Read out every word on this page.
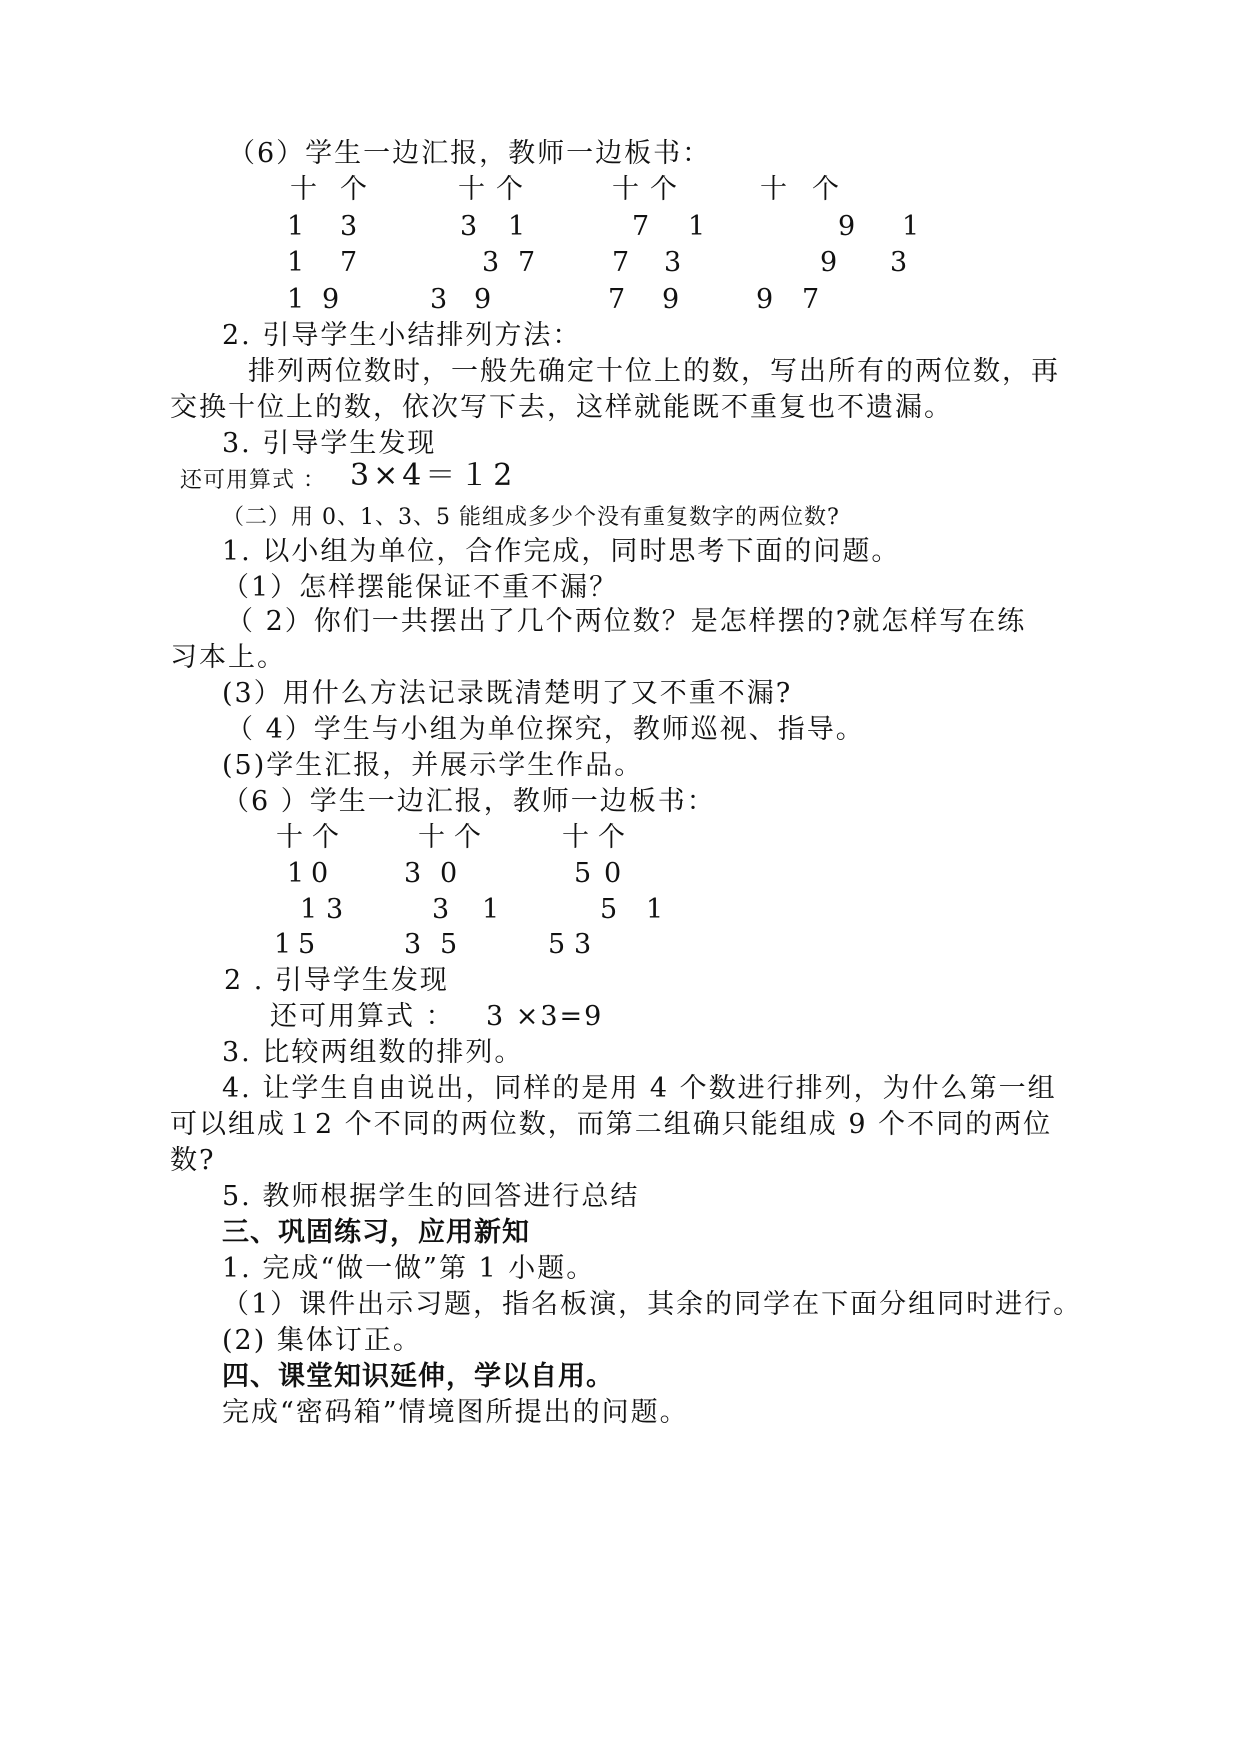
（6）学生一边汇报，教师一边板书：
十 个	十 个	十 个	十 个
1 3	3 1	7 1	9 1
1 7	3 7	7 3	9 3
1 9	3 9	7 9	9 7
2. 引导学生小结排列方法：
排列两位数时，一般先确定十位上的数，写出所有的两位数，再
交换十位上的数，依次写下去，这样就能既不重复也不遗漏。
3. 引导学生发现
还可用算式 ： 3×4＝１2
（二）用 0、1、3、5 能组成多少个没有重复数字的两位数?
1. 以小组为单位，合作完成，同时思考下面的问题。
（1）怎样摆能保证不重不漏？
（ 2）你们一共摆出了几个两位数？是怎样摆的?就怎样写在练
习本上。
(3）用什么方法记录既清楚明了又不重不漏?
（ 4）学生与小组为单位探究，教师巡视、指导。
(5)学生汇报，并展示学生作品。
（6 ）学生一边汇报，教师一边板书：
十 个	十 个	十 个
1 0	3 0	5 0
1 3	3 1	5 1
1 5	3 5	5 3
2 . 引导学生发现
还可用算式 ： 3 ×3=9
3. 比较两组数的排列。
4. 让学生自由说出，同样的是用 4 个数进行排列，为什么第一组
可以组成１2 个不同的两位数，而第二组确只能组成 9 个不同的两位
数?
5. 教师根据学生的回答进行总结
三、巩固练习，应用新知
1. 完成“做一做”第 1 小题。
（1）课件出示习题，指名板演，其余的同学在下面分组同时进行。
(2) 集体订正。
四、课堂知识延伸，学以自用。
完成“密码箱”情境图所提出的问题。
